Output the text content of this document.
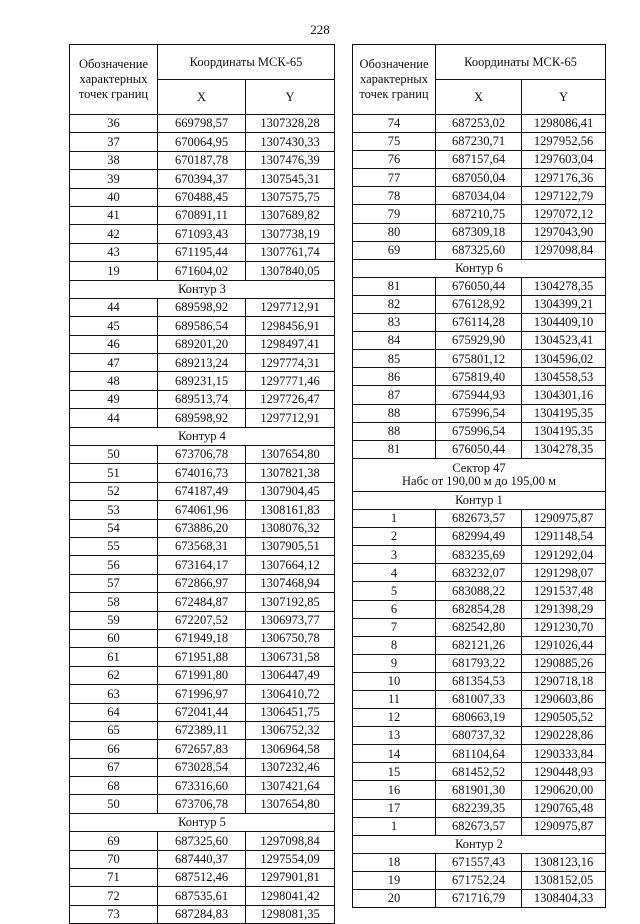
228
Обозначение характерных точек границ	Координаты МСК-65	
	X	Y
36	669798,57	1307328,28
37	670064,95	1307430,33
38	670187,78	1307476,39
39	670394,37	1307545,31
40	670488,45	1307575,75
41	670891,11	1307689,82
42	671093,43	1307738,19
43	671195,44	1307761,74
19	671604,02	1307840,05
Контур 3		
44	689598,92	1297712,91
45	689586,54	1298456,91
46	689201,20	1298497,41
47	689213,24	1297774,31
48	689231,15	1297771,46
49	689513,74	1297726,47
44	689598,92	1297712,91
Контур 4		
50	673706,78	1307654,80
51	674016,73	1307821,38
52	674187,49	1307904,45
53	674061,96	1308161,83
54	673886,20	1308076,32
55	673568,31	1307905,51
56	673164,17	1307664,12
57	672866,97	1307468,94
58	672484,87	1307192,85
59	672207,52	1306973,77
60	671949,18	1306750,78
61	671951,88	1306731,58
62	671991,80	1306447,49
63	671996,97	1306410,72
64	672041,44	1306451,75
65	672389,11	1306752,32
66	672657,83	1306964,58
67	673028,54	1307232,46
68	673316,60	1307421,64
50	673706,78	1307654,80
Контур 5		
69	687325,60	1297098,84
70	687440,37	1297554,09
71	687512,46	1297901,81
72	687535,61	1298041,42
73	687284,83	1298081,35
Обозначение характерных точек границ	Координаты МСК-65	
	X	Y
74	687253,02	1298086,41
75	687230,71	1297952,56
76	687157,64	1297603,04
77	687050,04	1297176,36
78	687034,04	1297122,79
79	687210,75	1297072,12
80	687309,18	1297043,90
69	687325,60	1297098,84
Контур 6		
81	676050,44	1304278,35
82	676128,92	1304399,21
83	676114,28	1304409,10
84	675929,90	1304523,41
85	675801,12	1304596,02
86	675819,40	1304558,53
87	675944,93	1304301,16
88	675996,54	1304195,35
88	675996,54	1304195,35
81	676050,44	1304278,35

Сектор 47
Набс от 190,00 м до 195,00 м		

Контур 1		
1	682673,57	1290975,87
2	682994,49	1291148,54
3	683235,69	1291292,04
4	683232,07	1291298,07
5	683088,22	1291537,48
6	682854,28	1291398,29
7	682542,80	1291230,70
8	682121,26	1291026,44
9	681793,22	1290885,26
10	681354,53	1290718,18
11	681007,33	1290603,86
12	680663,19	1290505,52
13	680737,32	1290228,86
14	681104,64	1290333,84
15	681452,52	1290448,93
16	681901,30	1290620,00
17	682239,35	1290765,48
1	682673,57	1290975,87
Контур 2		
18	671557,43	1308123,16
19	671752,24	1308152,05
20	671716,79	1308404,33
